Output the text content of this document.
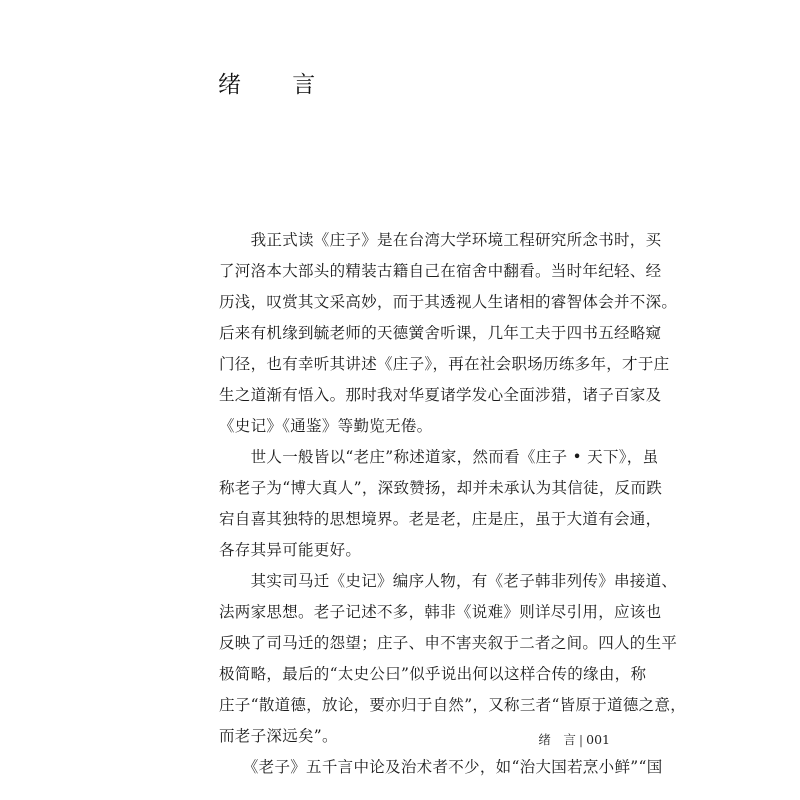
绪 言

　　我正式读《庄子》是在台湾大学环境工程研究所念书时，买
了河洛本大部头的精装古籍自己在宿舍中翻看。当时年纪轻、经
历浅，叹赏其文采高妙，而于其透视人生诸相的睿智体会并不深。
后来有机缘到毓老师的天德黉舍听课，几年工夫于四书五经略窥
门径，也有幸听其讲述《庄子》，再在社会职场历练多年，才于庄
生之道渐有悟入。那时我对华夏诸学发心全面涉猎，诸子百家及
《史记》《通鉴》等勤览无倦。

　　世人一般皆以“老庄”称述道家，然而看《庄子 • 天下》，虽
称老子为“博大真人”，深致赞扬，却并未承认为其信徒，反而跌
宕自喜其独特的思想境界。老是老，庄是庄，虽于大道有会通，
各存其异可能更好。

　　其实司马迁《史记》编序人物，有《老子韩非列传》串接道、
法两家思想。老子记述不多，韩非《说难》则详尽引用，应该也
反映了司马迁的怨望；庄子、申不害夹叙于二者之间。四人的生平
极简略，最后的“太史公曰”似乎说出何以这样合传的缘由，称
庄子“散道德，放论，要亦归于自然”，又称三者“皆原于道德之意，
而老子深远矣”。

　　《老子》五千言中论及治术者不少，如“治大国若烹小鲜”“国

绪　言 | 001
